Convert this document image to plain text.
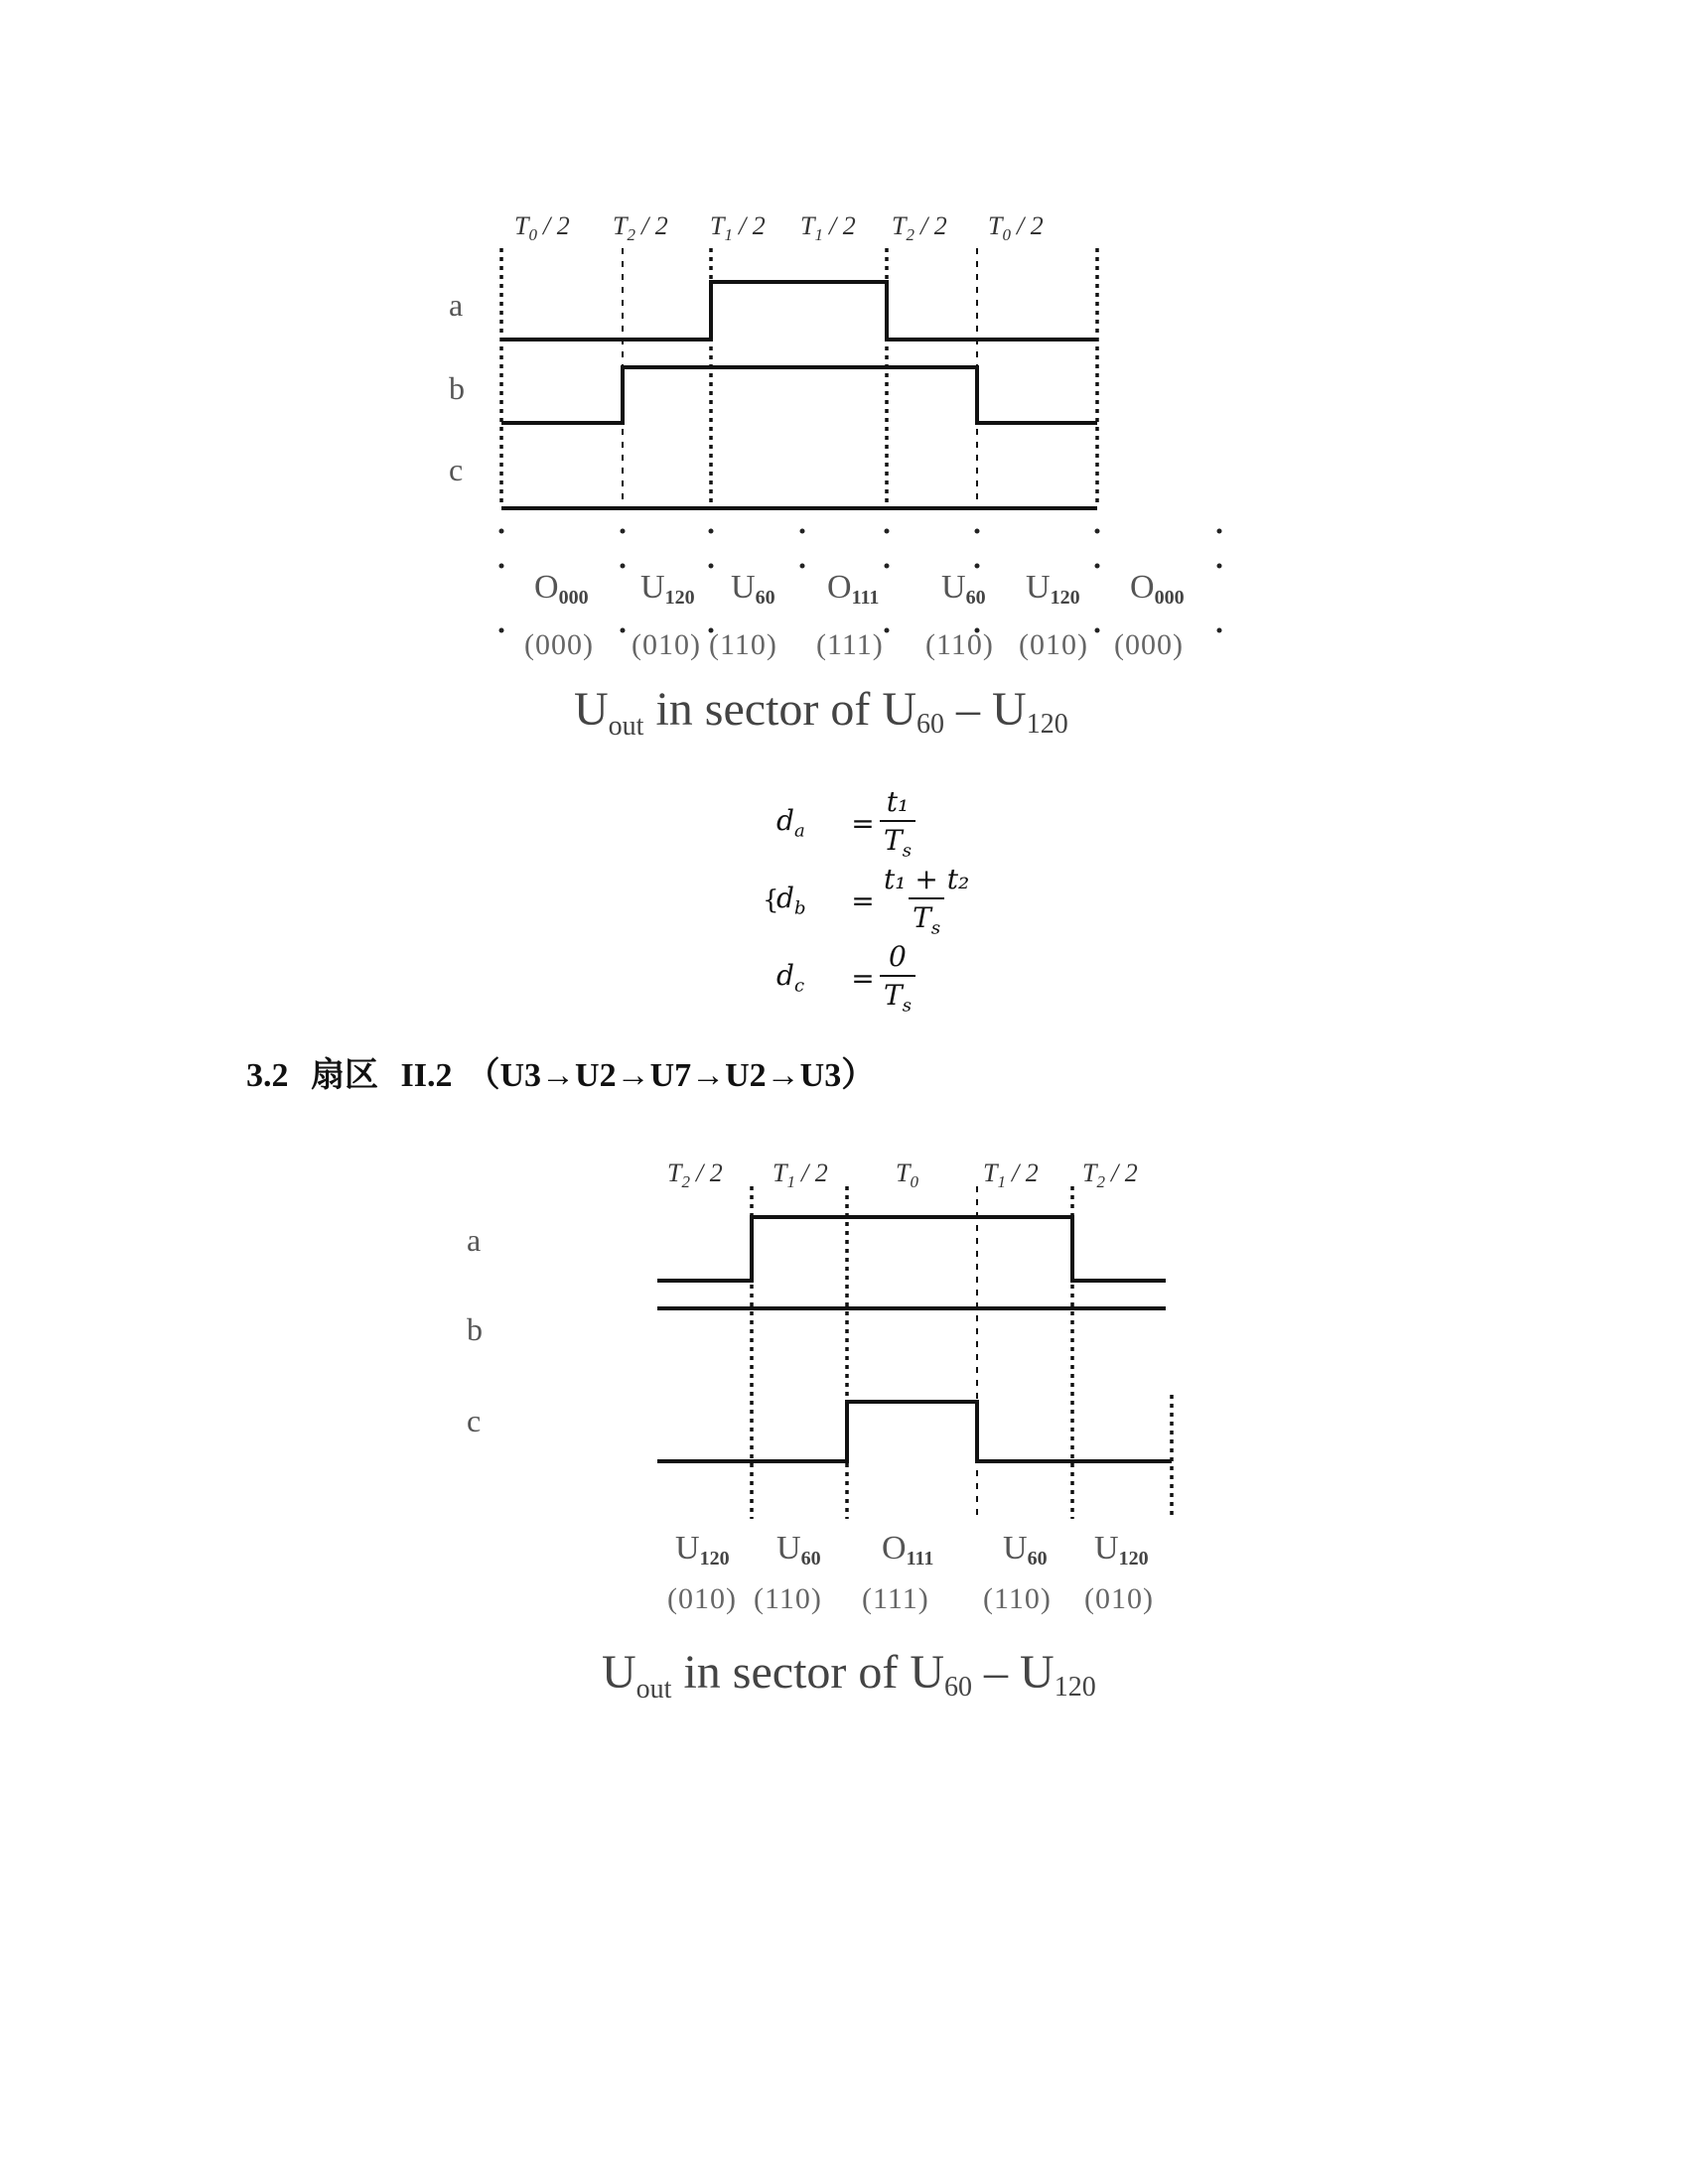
$T_0 / 2$ $T_2 / 2$ $T_1 / 2$ $T_1 / 2$ $T_2 / 2$ $T_0 / 2$
a
b
c
O000 U120 U60 O111 U60 U120 O000
(000) (010) (110) (111) (110) (010) (000)
$U_{out}$ in sector of U60 – U120
$d_a$	= $\frac{\text{t₁}}{T_s}$
{
$d_b$	= $\frac{\text{t₁ + t₂}}{T_s}$
$d_c$	= $\frac{0}{T_s}$
3.2 扇区 II.2 （U3→U2→U7→U2→U3）
$T_2 / 2$ $T_1 / 2$	$T_0$	$T_1 / 2$ $T_2 / 2$
a
b
c
U120 U60 O111 U60 U120
(010) (110) (111) (110) (010)
$U_{out}$ in sector of U60 – U120
